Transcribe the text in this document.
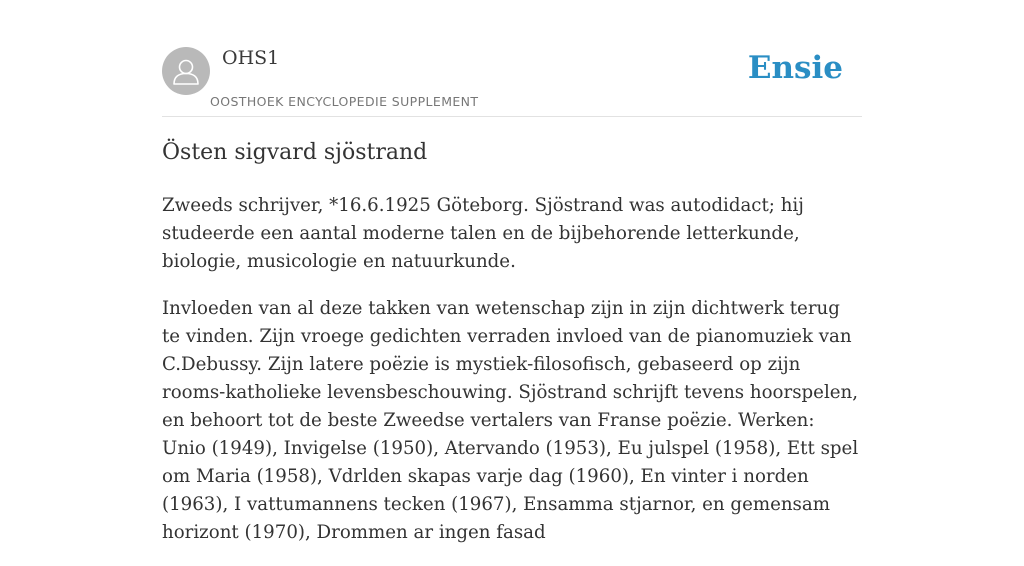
OHS1
OOSTHOEK ENCYCLOPEDIE SUPPLEMENT
Ensie
Östen sigvard sjöstrand

Zweeds schrijver, *16.6.1925 Göteborg. Sjöstrand was autodidact; hij studeerde een aantal moderne talen en de bijbehorende letterkunde, biologie, musicologie en natuurkunde.

Invloeden van al deze takken van wetenschap zijn in zijn dichtwerk terug te vinden. Zijn vroege gedichten verraden invloed van de pianomuziek van C.Debussy. Zijn latere poëzie is mystiek-filosofisch, gebaseerd op zijn rooms-katholieke levensbeschouwing. Sjöstrand schrijft tevens hoorspelen, en behoort tot de beste Zweedse vertalers van Franse poëzie. Werken: Unio (1949), Invigelse (1950), Atervando (1953), Eu julspel (1958), Ett spel om Maria (1958), Vdrlden skapas varje dag (1960), En vinter i norden (1963), I vattumannens tecken (1967), Ensamma stjarnor, en gemensam horizont (1970), Drommen ar ingen fasad
